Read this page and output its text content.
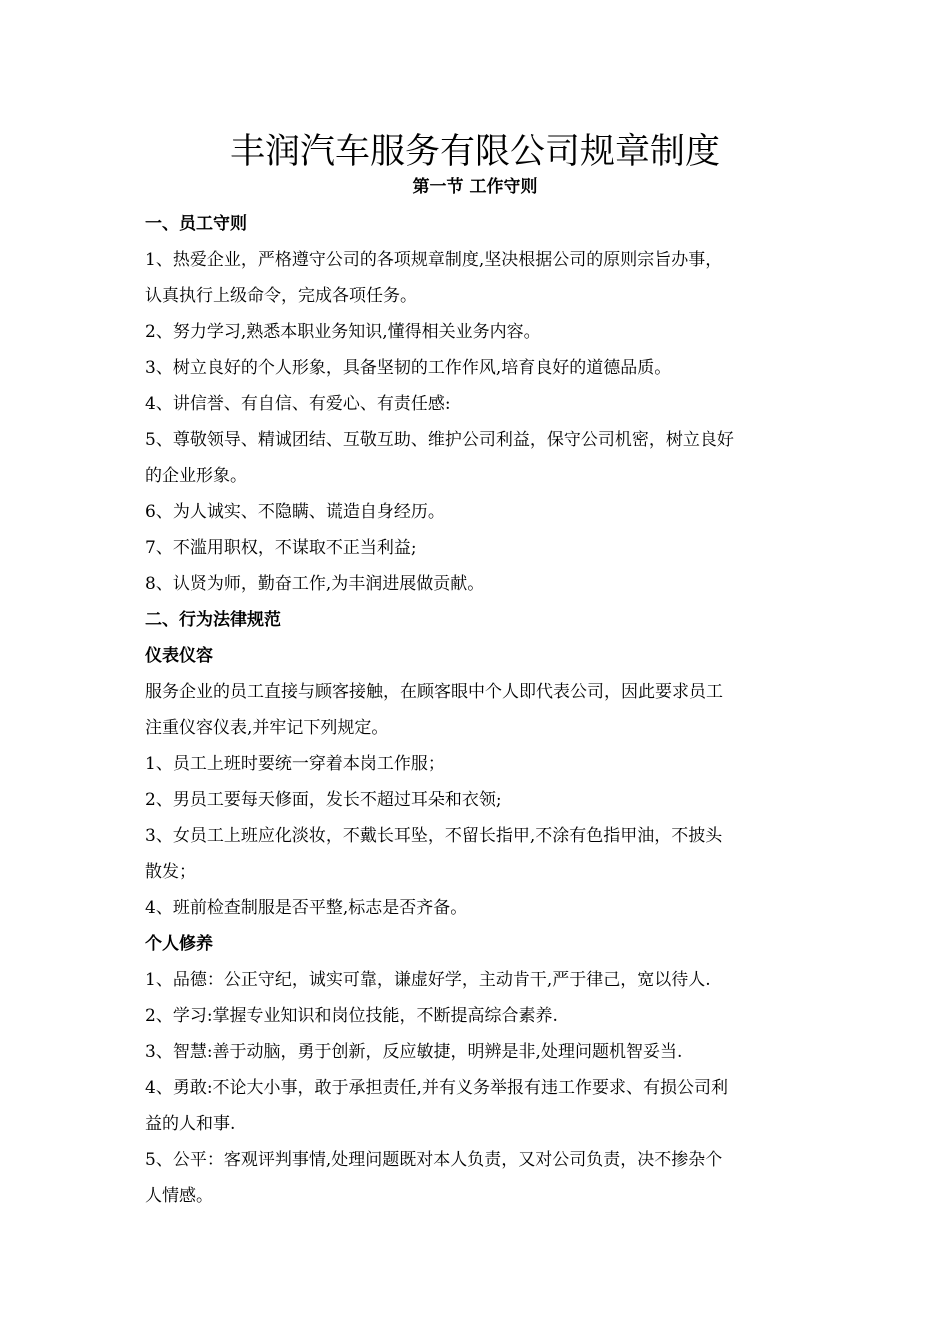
丰润汽车服务有限公司规章制度
第一节 工作守则
一、员工守则
1、热爱企业，严格遵守公司的各项规章制度,坚决根据公司的原则宗旨办事，
认真执行上级命令，完成各项任务。
2、努力学习,熟悉本职业务知识,懂得相关业务内容。
3、树立良好的个人形象，具备坚韧的工作作风,培育良好的道德品质。
4、讲信誉、有自信、有爱心、有责任感:
5、尊敬领导、精诚团结、互敬互助、维护公司利益，保守公司机密，树立良好
的企业形象。
6、为人诚实、不隐瞒、谎造自身经历。
7、不滥用职权，不谋取不正当利益;
8、认贤为师，勤奋工作,为丰润进展做贡献。
二、行为法律规范
仪表仪容
服务企业的员工直接与顾客接触，在顾客眼中个人即代表公司，因此要求员工
注重仪容仪表,并牢记下列规定。
1、员工上班时要统一穿着本岗工作服；
2、男员工要每天修面，发长不超过耳朵和衣领;
3、女员工上班应化淡妆，不戴长耳坠，不留长指甲,不涂有色指甲油，不披头
散发；
4、班前检查制服是否平整,标志是否齐备。
个人修养
1、品德：公正守纪，诚实可靠，谦虚好学，主动肯干,严于律己，宽以待人.
2、学习:掌握专业知识和岗位技能，不断提高综合素养.
3、智慧:善于动脑，勇于创新，反应敏捷，明辨是非,处理问题机智妥当.
4、勇敢:不论大小事，敢于承担责任,并有义务举报有违工作要求、有损公司利
益的人和事.
5、公平：客观评判事情,处理问题既对本人负责，又对公司负责，决不掺杂个
人情感。
